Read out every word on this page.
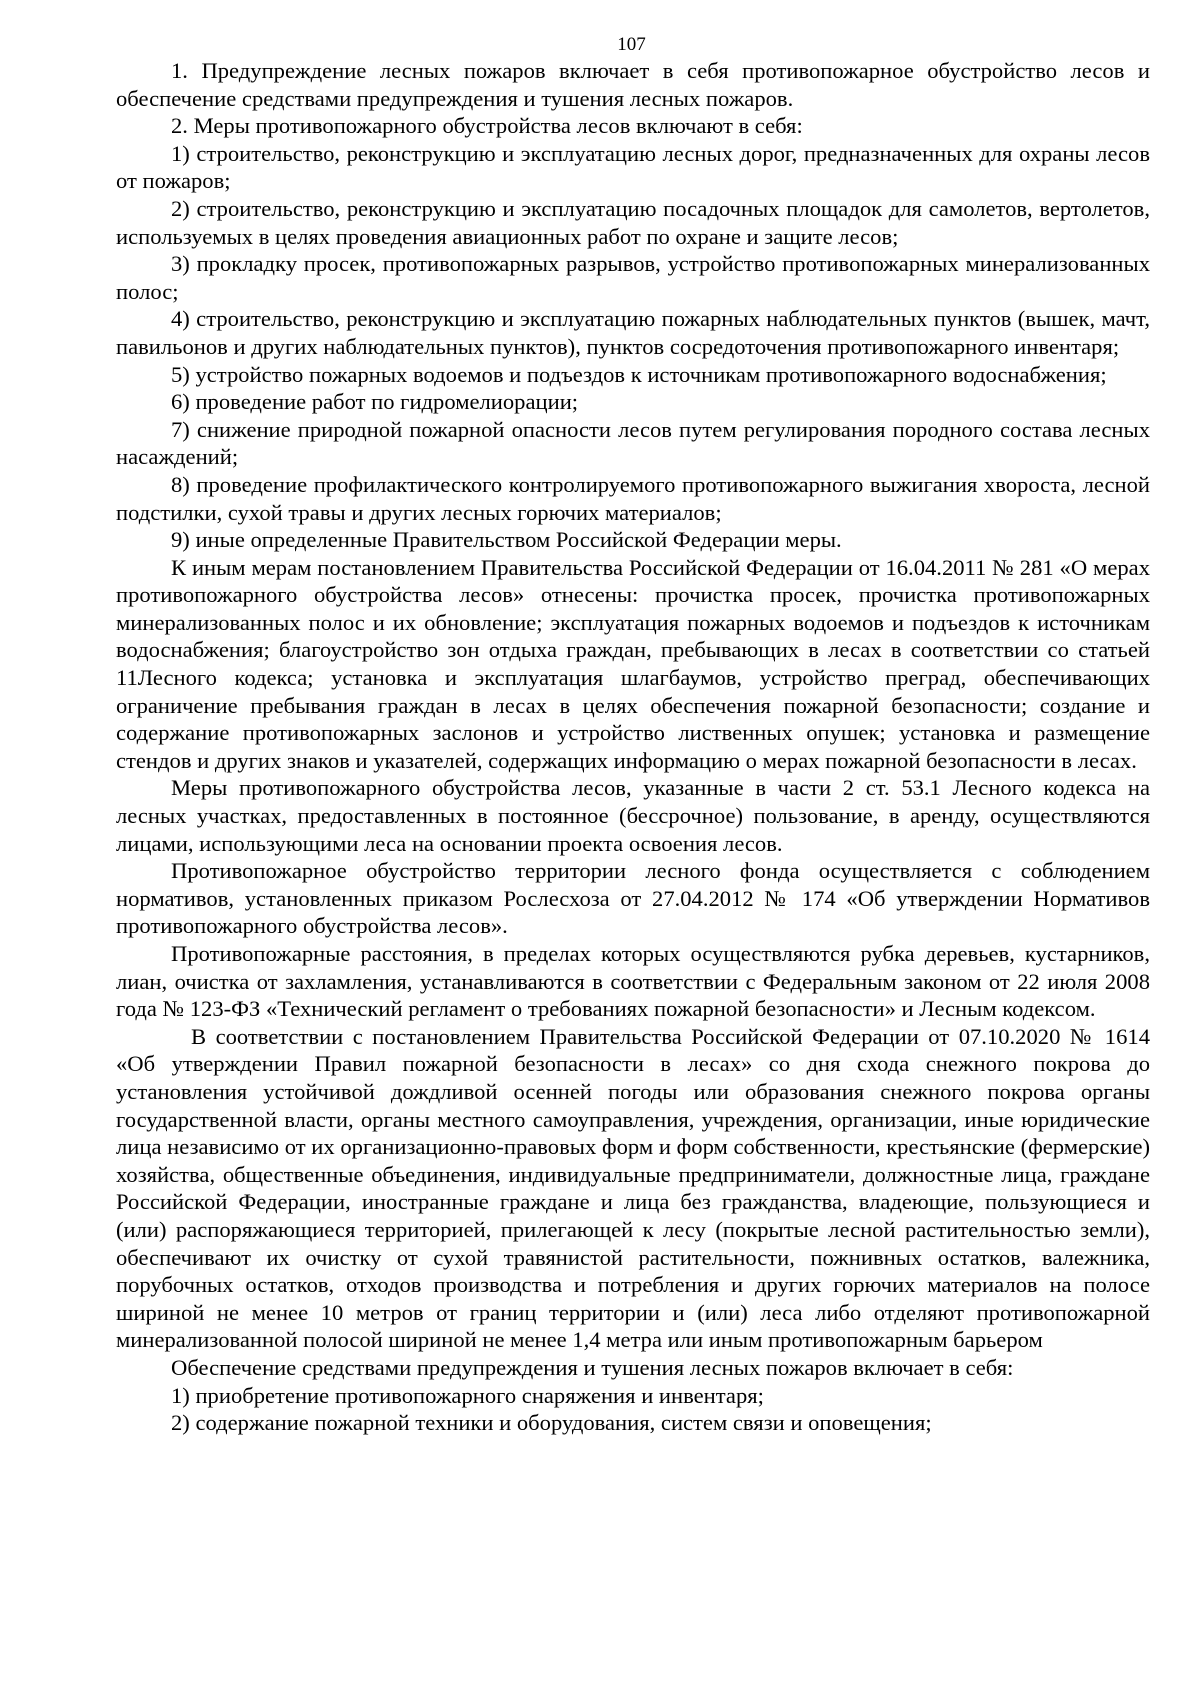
107

1. Предупреждение лесных пожаров включает в себя противопожарное обустройство лесов и обеспечение средствами предупреждения и тушения лесных пожаров.

2. Меры противопожарного обустройства лесов включают в себя:

1) строительство, реконструкцию и эксплуатацию лесных дорог, предназначенных для охраны лесов от пожаров;

2) строительство, реконструкцию и эксплуатацию посадочных площадок для самолетов, вертолетов, используемых в целях проведения авиационных работ по охране и защите лесов;

3) прокладку просек, противопожарных разрывов, устройство противопожарных минерализованных полос;

4) строительство, реконструкцию и эксплуатацию пожарных наблюдательных пунктов (вышек, мачт, павильонов и других наблюдательных пунктов), пунктов сосредоточения противопожарного инвентаря;

5) устройство пожарных водоемов и подъездов к источникам противопожарного водоснабжения;

6) проведение работ по гидромелиорации;

7) снижение природной пожарной опасности лесов путем регулирования породного состава лесных насаждений;

8) проведение профилактического контролируемого противопожарного выжигания хвороста, лесной подстилки, сухой травы и других лесных горючих материалов;

9) иные определенные Правительством Российской Федерации меры.

К иным мерам постановлением Правительства Российской Федерации от 16.04.2011 № 281 «О мерах противопожарного обустройства лесов» отнесены: прочистка просек, прочистка противопожарных минерализованных полос и их обновление; эксплуатация пожарных водоемов и подъездов к источникам водоснабжения; благоустройство зон отдыха граждан, пребывающих в лесах в соответствии со статьей 11Лесного кодекса; установка и эксплуатация шлагбаумов, устройство преград, обеспечивающих ограничение пребывания граждан в лесах в целях обеспечения пожарной безопасности; создание и содержание противопожарных заслонов и устройство лиственных опушек; установка и размещение стендов и других знаков и указателей, содержащих информацию о мерах пожарной безопасности в лесах.

Меры противопожарного обустройства лесов, указанные в части 2 ст. 53.1 Лесного кодекса на лесных участках, предоставленных в постоянное (бессрочное) пользование, в аренду, осуществляются лицами, использующими леса на основании проекта освоения лесов.

Противопожарное обустройство территории лесного фонда осуществляется с соблюдением нормативов, установленных приказом Рослесхоза от 27.04.2012 № 174 «Об утверждении Нормативов противопожарного обустройства лесов».

Противопожарные расстояния, в пределах которых осуществляются рубка деревьев, кустарников, лиан, очистка от захламления, устанавливаются в соответствии с Федеральным законом от 22 июля 2008 года № 123-ФЗ «Технический регламент о требованиях пожарной безопасности» и Лесным кодексом.

В соответствии с постановлением Правительства Российской Федерации от 07.10.2020 № 1614 «Об утверждении Правил пожарной безопасности в лесах» со дня схода снежного покрова до установления устойчивой дождливой осенней погоды или образования снежного покрова органы государственной власти, органы местного самоуправления, учреждения, организации, иные юридические лица независимо от их организационно-правовых форм и форм собственности, крестьянские (фермерские) хозяйства, общественные объединения, индивидуальные предприниматели, должностные лица, граждане Российской Федерации, иностранные граждане и лица без гражданства, владеющие, пользующиеся и (или) распоряжающиеся территорией, прилегающей к лесу (покрытые лесной растительностью земли), обеспечивают их очистку от сухой травянистой растительности, пожнивных остатков, валежника, порубочных остатков, отходов производства и потребления и других горючих материалов на полосе шириной не менее 10 метров от границ территории и (или) леса либо отделяют противопожарной минерализованной полосой шириной не менее 1,4 метра или иным противопожарным барьером

Обеспечение средствами предупреждения и тушения лесных пожаров включает в себя:

1) приобретение противопожарного снаряжения и инвентаря;

2) содержание пожарной техники и оборудования, систем связи и оповещения;
